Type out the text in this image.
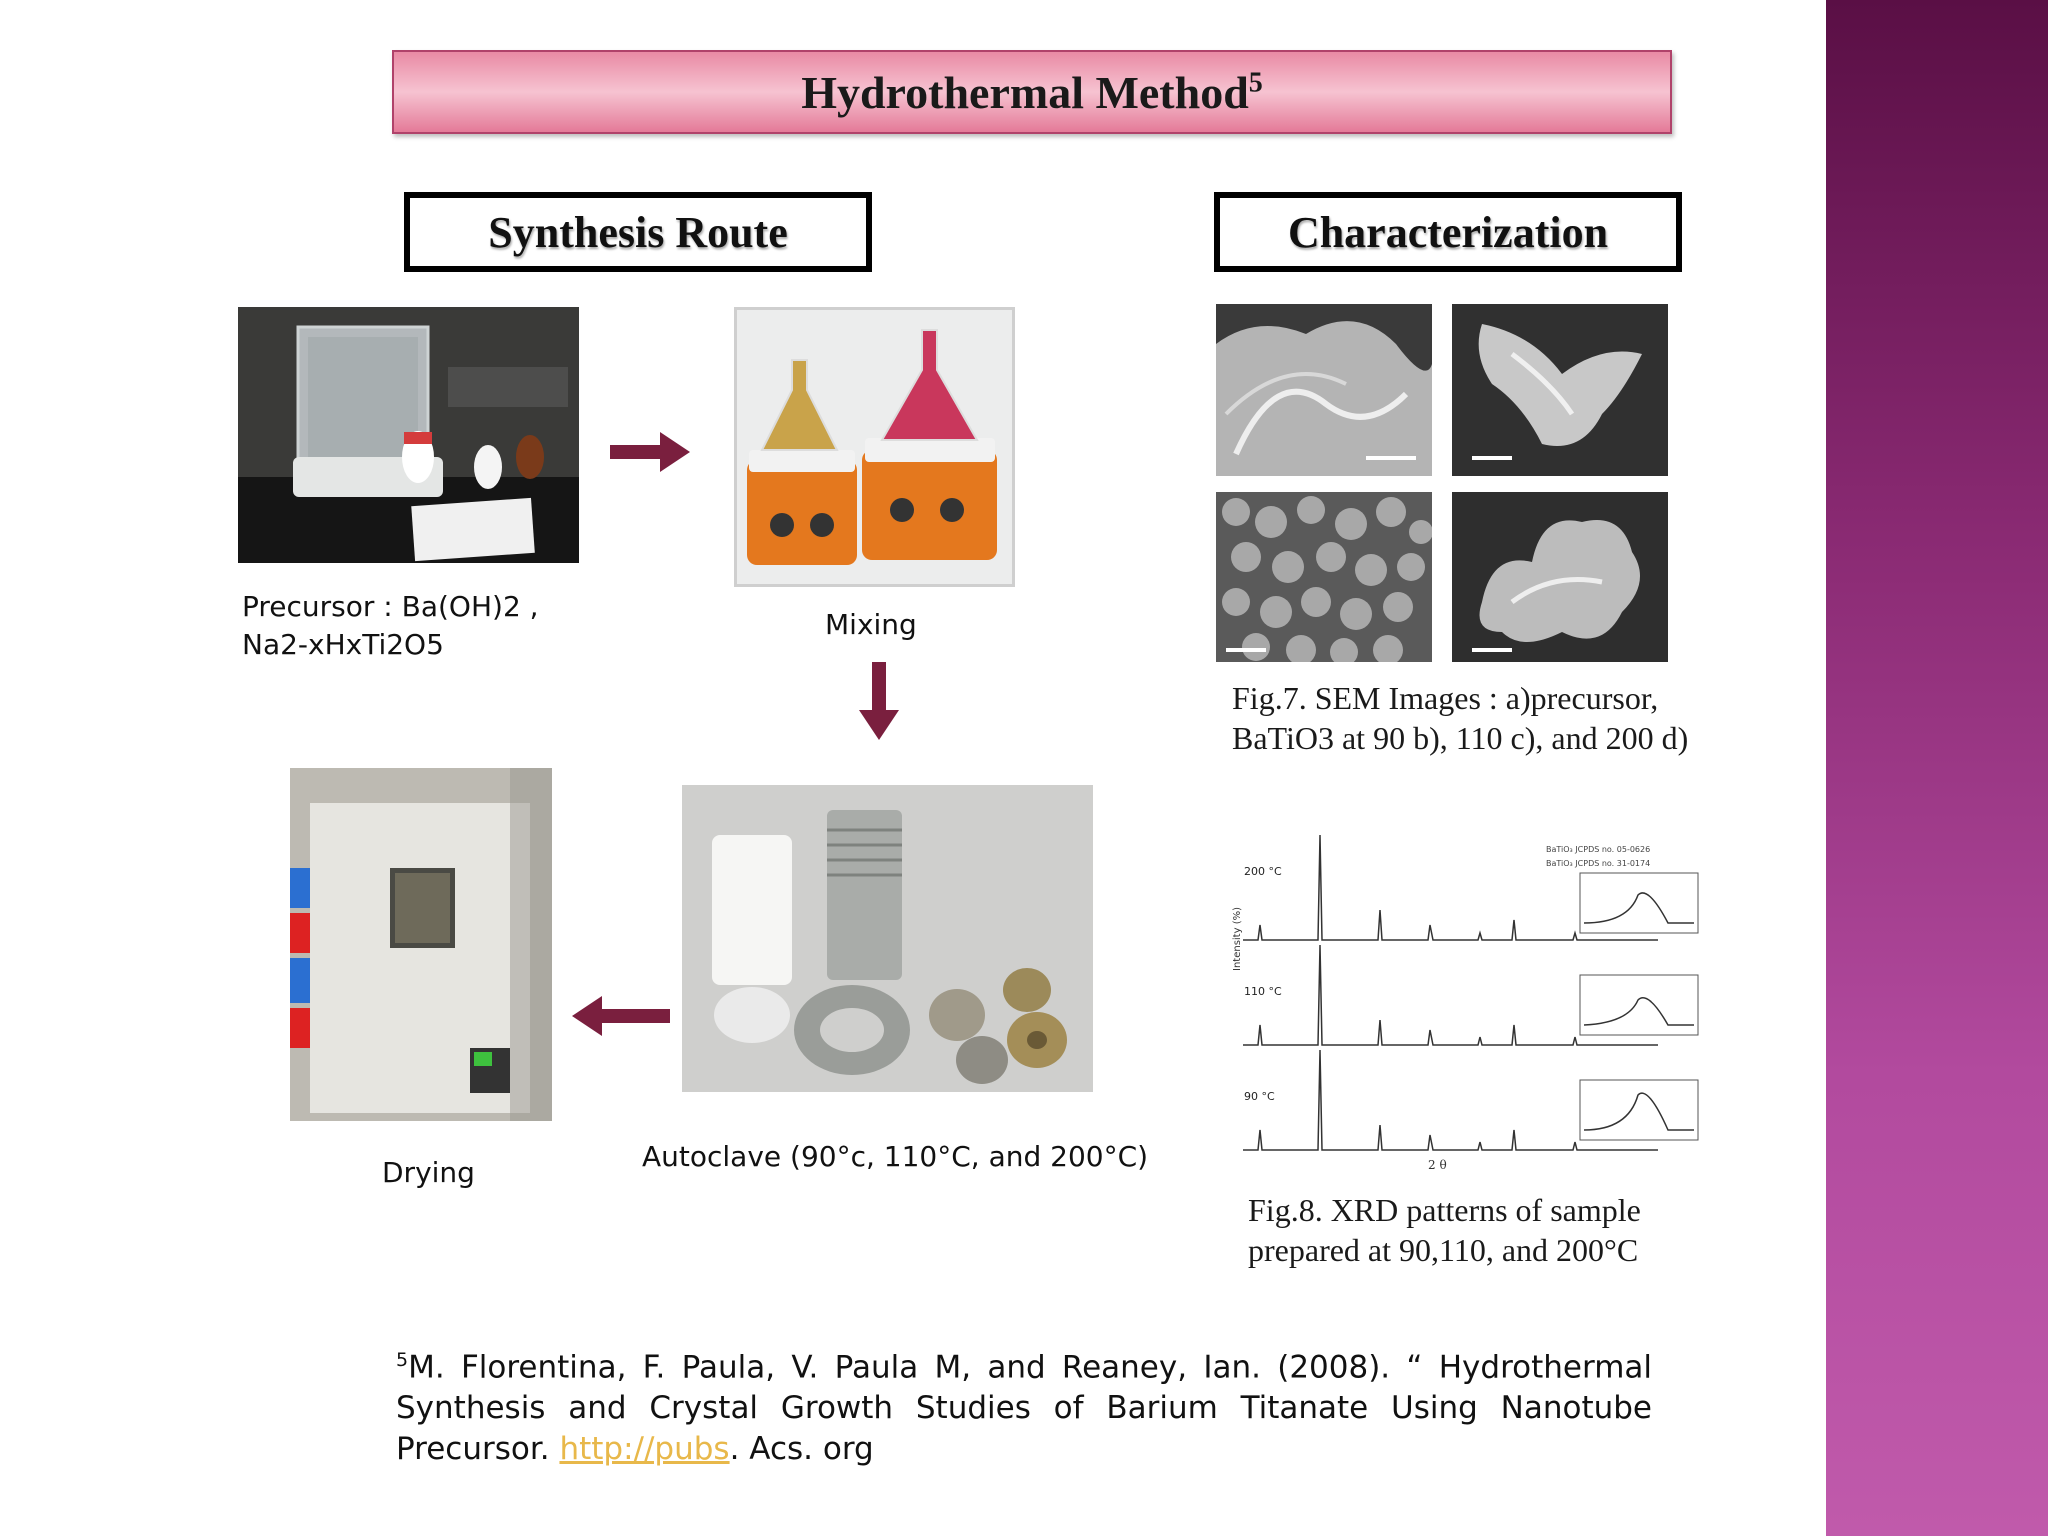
Hydrothermal Method$^5$
Synthesis Route
Precursor : Ba(OH)2 ,
Na2-xHxTi2O5
Mixing
Autoclave (90°c, 110°C, and 200°C)
Drying
Characterization
Fig.7. SEM Images : a)precursor,
BaTiO3 at 90 b), 110 c), and 200 d)
Intensity (%)
BaTiO₃ JCPDS no. 05-0626
BaTiO₃ JCPDS no. 31-0174
200 °C
110 °C
90 °C
2 θ
Fig.8. XRD patterns of sample
prepared at 90,110, and 200°C
$^5$M. Florentina, F. Paula, V. Paula M, and Reaney, Ian. (2008). “ Hydrothermal Synthesis and Crystal Growth Studies of Barium Titanate Using Nanotube Precursor. http://pubs. Acs. org
